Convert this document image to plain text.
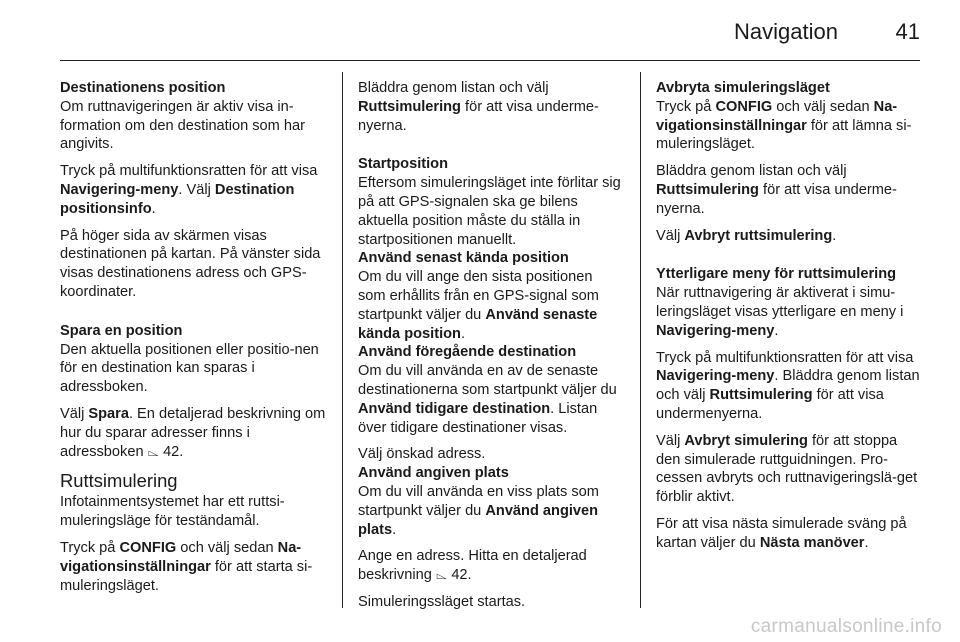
Navigation	41

Destinationens position

Om ruttnavigeringen är aktiv visa in-formation om den destination som har angivits.

Tryck på multifunktionsratten för att visa Navigering-meny. Välj Destination positionsinfo.

På höger sida av skärmen visas destinationen på kartan. På vänster sida visas destinationens adress och GPS-koordinater.

Spara en position

Den aktuella positionen eller positio-nen för en destination kan sparas i adressboken.

Välj Spara. En detaljerad beskrivning om hur du sparar adresser finns i adressboken ⌳ 42.

Ruttsimulering

Infotainmentsystemet har ett ruttsi-muleringsläge för teständamål.

Tryck på CONFIG och välj sedan Na-vigationsinställningar för att starta si-muleringsläget.

Bläddra genom listan och välj Ruttsimulering för att visa underme-nyerna.

Startposition

Eftersom simuleringsläget inte förlitar sig på att GPS-signalen ska ge bilens aktuella position måste du ställa in startpositionen manuellt.

Använd senast kända position

Om du vill ange den sista positionen som erhållits från en GPS-signal som startpunkt väljer du Använd senaste kända position.

Använd föregående destination

Om du vill använda en av de senaste destinationerna som startpunkt väljer du Använd tidigare destination. Listan över tidigare destinationer visas.

Välj önskad adress.

Använd angiven plats

Om du vill använda en viss plats som startpunkt väljer du Använd angiven plats.

Ange en adress. Hitta en detaljerad beskrivning ⌳ 42.

Simuleringssläget startas.

Avbryta simuleringsläget

Tryck på CONFIG och välj sedan Na-vigationsinställningar för att lämna si-muleringsläget.

Bläddra genom listan och välj Ruttsimulering för att visa underme-nyerna.

Välj Avbryt ruttsimulering.

Ytterligare meny för ruttsimulering

När ruttnavigering är aktiverat i simu-leringsläget visas ytterligare en meny i Navigering-meny.

Tryck på multifunktionsratten för att visa Navigering-meny. Bläddra genom listan och välj Ruttsimulering för att visa undermenyerna.

Välj Avbryt simulering för att stoppa den simulerade ruttguidningen. Pro-cessen avbryts och ruttnavigeringslä-get förblir aktivt.

För att visa nästa simulerade sväng på kartan väljer du Nästa manöver.

carmanualsonline.info
